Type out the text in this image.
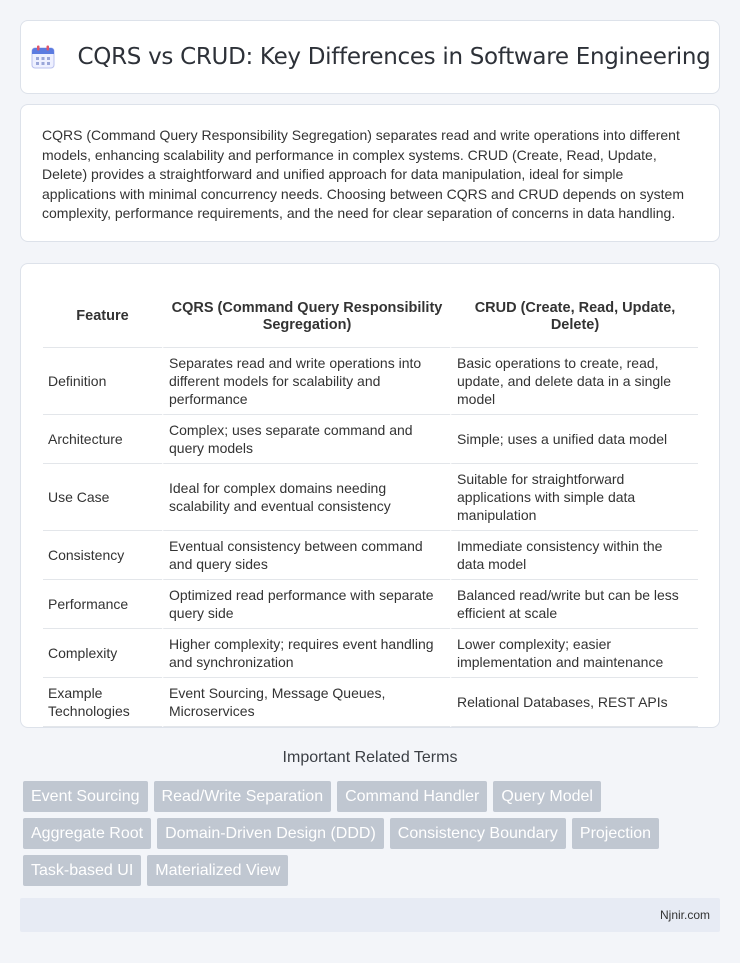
CQRS vs CRUD: Key Differences in Software Engineering

CQRS (Command Query Responsibility Segregation) separates read and write operations into different models, enhancing scalability and performance in complex systems. CRUD (Create, Read, Update, Delete) provides a straightforward and unified approach for data manipulation, ideal for simple applications with minimal concurrency needs. Choosing between CQRS and CRUD depends on system complexity, performance requirements, and the need for clear separation of concerns in data handling.

Feature	CQRS (Command Query Responsibility Segregation)	CRUD (Create, Read, Update, Delete)
Definition	Separates read and write operations into different models for scalability and performance	Basic operations to create, read, update, and delete data in a single model
Architecture	Complex; uses separate command and query models	Simple; uses a unified data model
Use Case	Ideal for complex domains needing scalability and eventual consistency	Suitable for straightforward applications with simple data manipulation
Consistency	Eventual consistency between command and query sides	Immediate consistency within the data model
Performance	Optimized read performance with separate query side	Balanced read/write but can be less efficient at scale
Complexity	Higher complexity; requires event handling and synchronization	Lower complexity; easier implementation and maintenance
Example Technologies	Event Sourcing, Message Queues, Microservices	Relational Databases, REST APIs
Important Related Terms
Event Sourcing	Read/Write Separation	Command Handler	Query Model
Aggregate Root	Domain-Driven Design (DDD)	Consistency Boundary	Projection
Task-based UI	Materialized View
Njnir.com
